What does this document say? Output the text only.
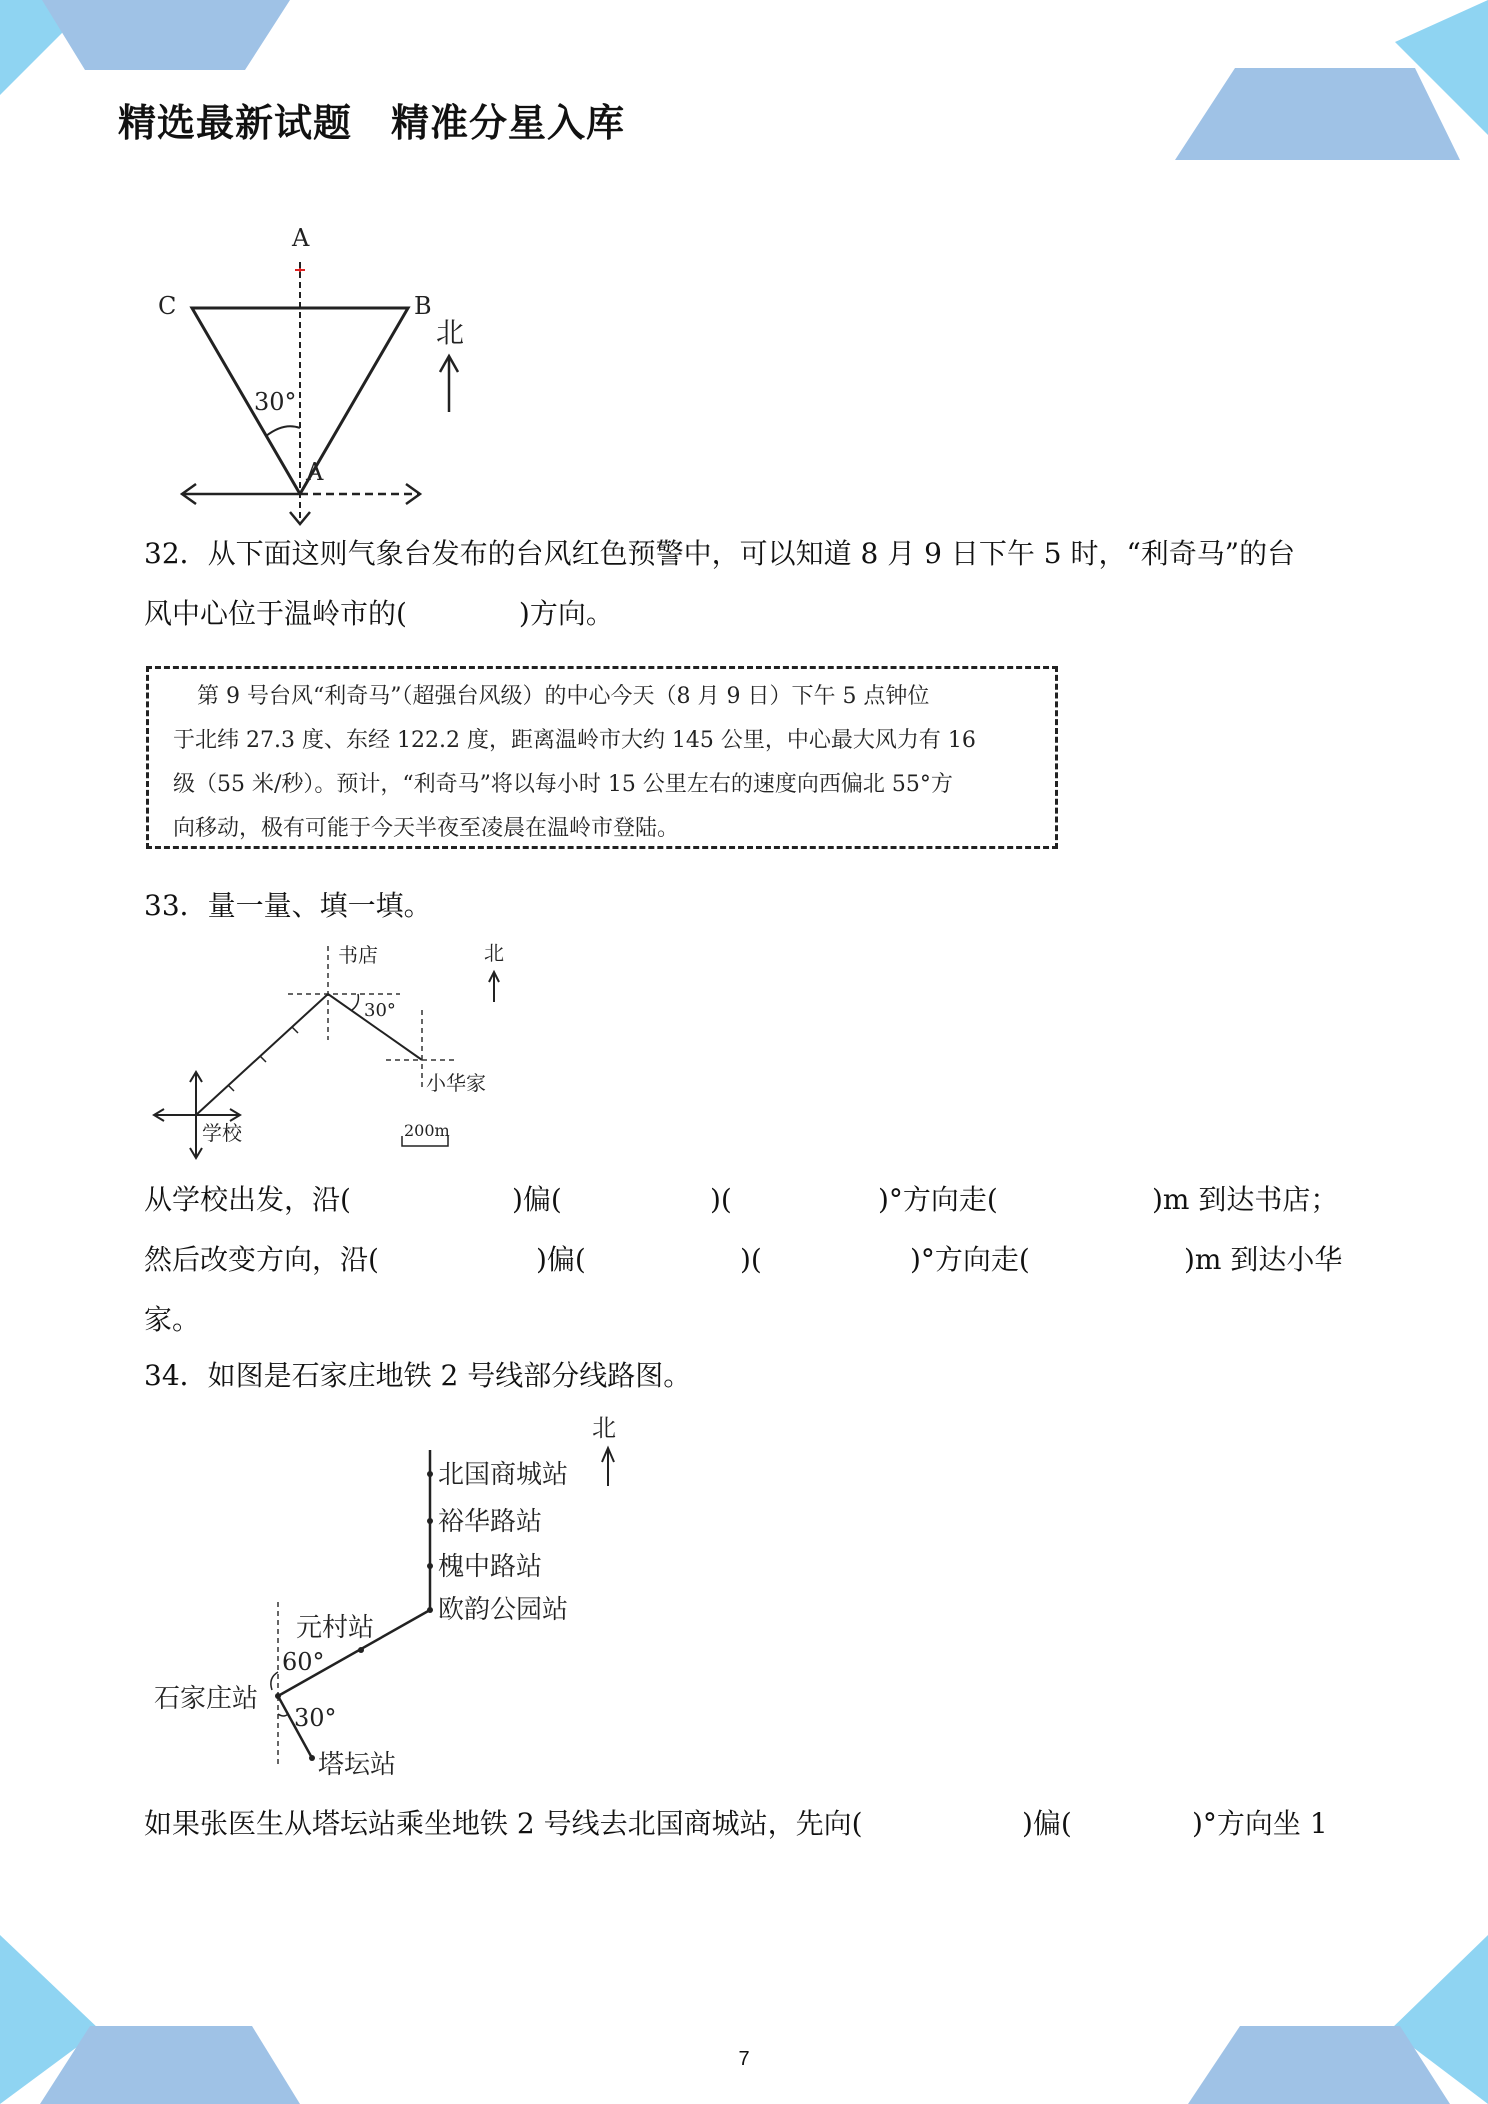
精选最新试题　精准分星入库
A
C	B
30°
A
北
32．从下面这则气象台发布的台风红色预警中，可以知道 8 月 9 日下午 5 时，“利奇马”的台
风中心位于温岭市的(　　　　)方向。
第 9 号台风“利奇马”（超强台风级）的中心今天（8 月 9 日）下午 5 点钟位
于北纬 27.3 度、东经 122.2 度，距离温岭市大约 145 公里，中心最大风力有 16
级（55 米/秒）。预计，“利奇马”将以每小时 15 公里左右的速度向西偏北 55°方
向移动，极有可能于今天半夜至凌晨在温岭市登陆。
33．量一量、填一填。
书店	北
30°
小华家
学校	200m
从学校出发，沿(	)偏(	)(	)°方向走(	)m 到达书店；
然后改变方向，沿(	)偏(	)(	)°方向走(	)m 到达小华
家。
34．如图是石家庄地铁 2 号线部分线路图。
北
北国商城站
裕华路站
槐中路站
欧韵公园站
元村站
石家庄站
塔坛站
60°
30°
如果张医生从塔坛站乘坐地铁 2 号线去北国商城站，先向(	)偏(	)°方向坐 1
7
